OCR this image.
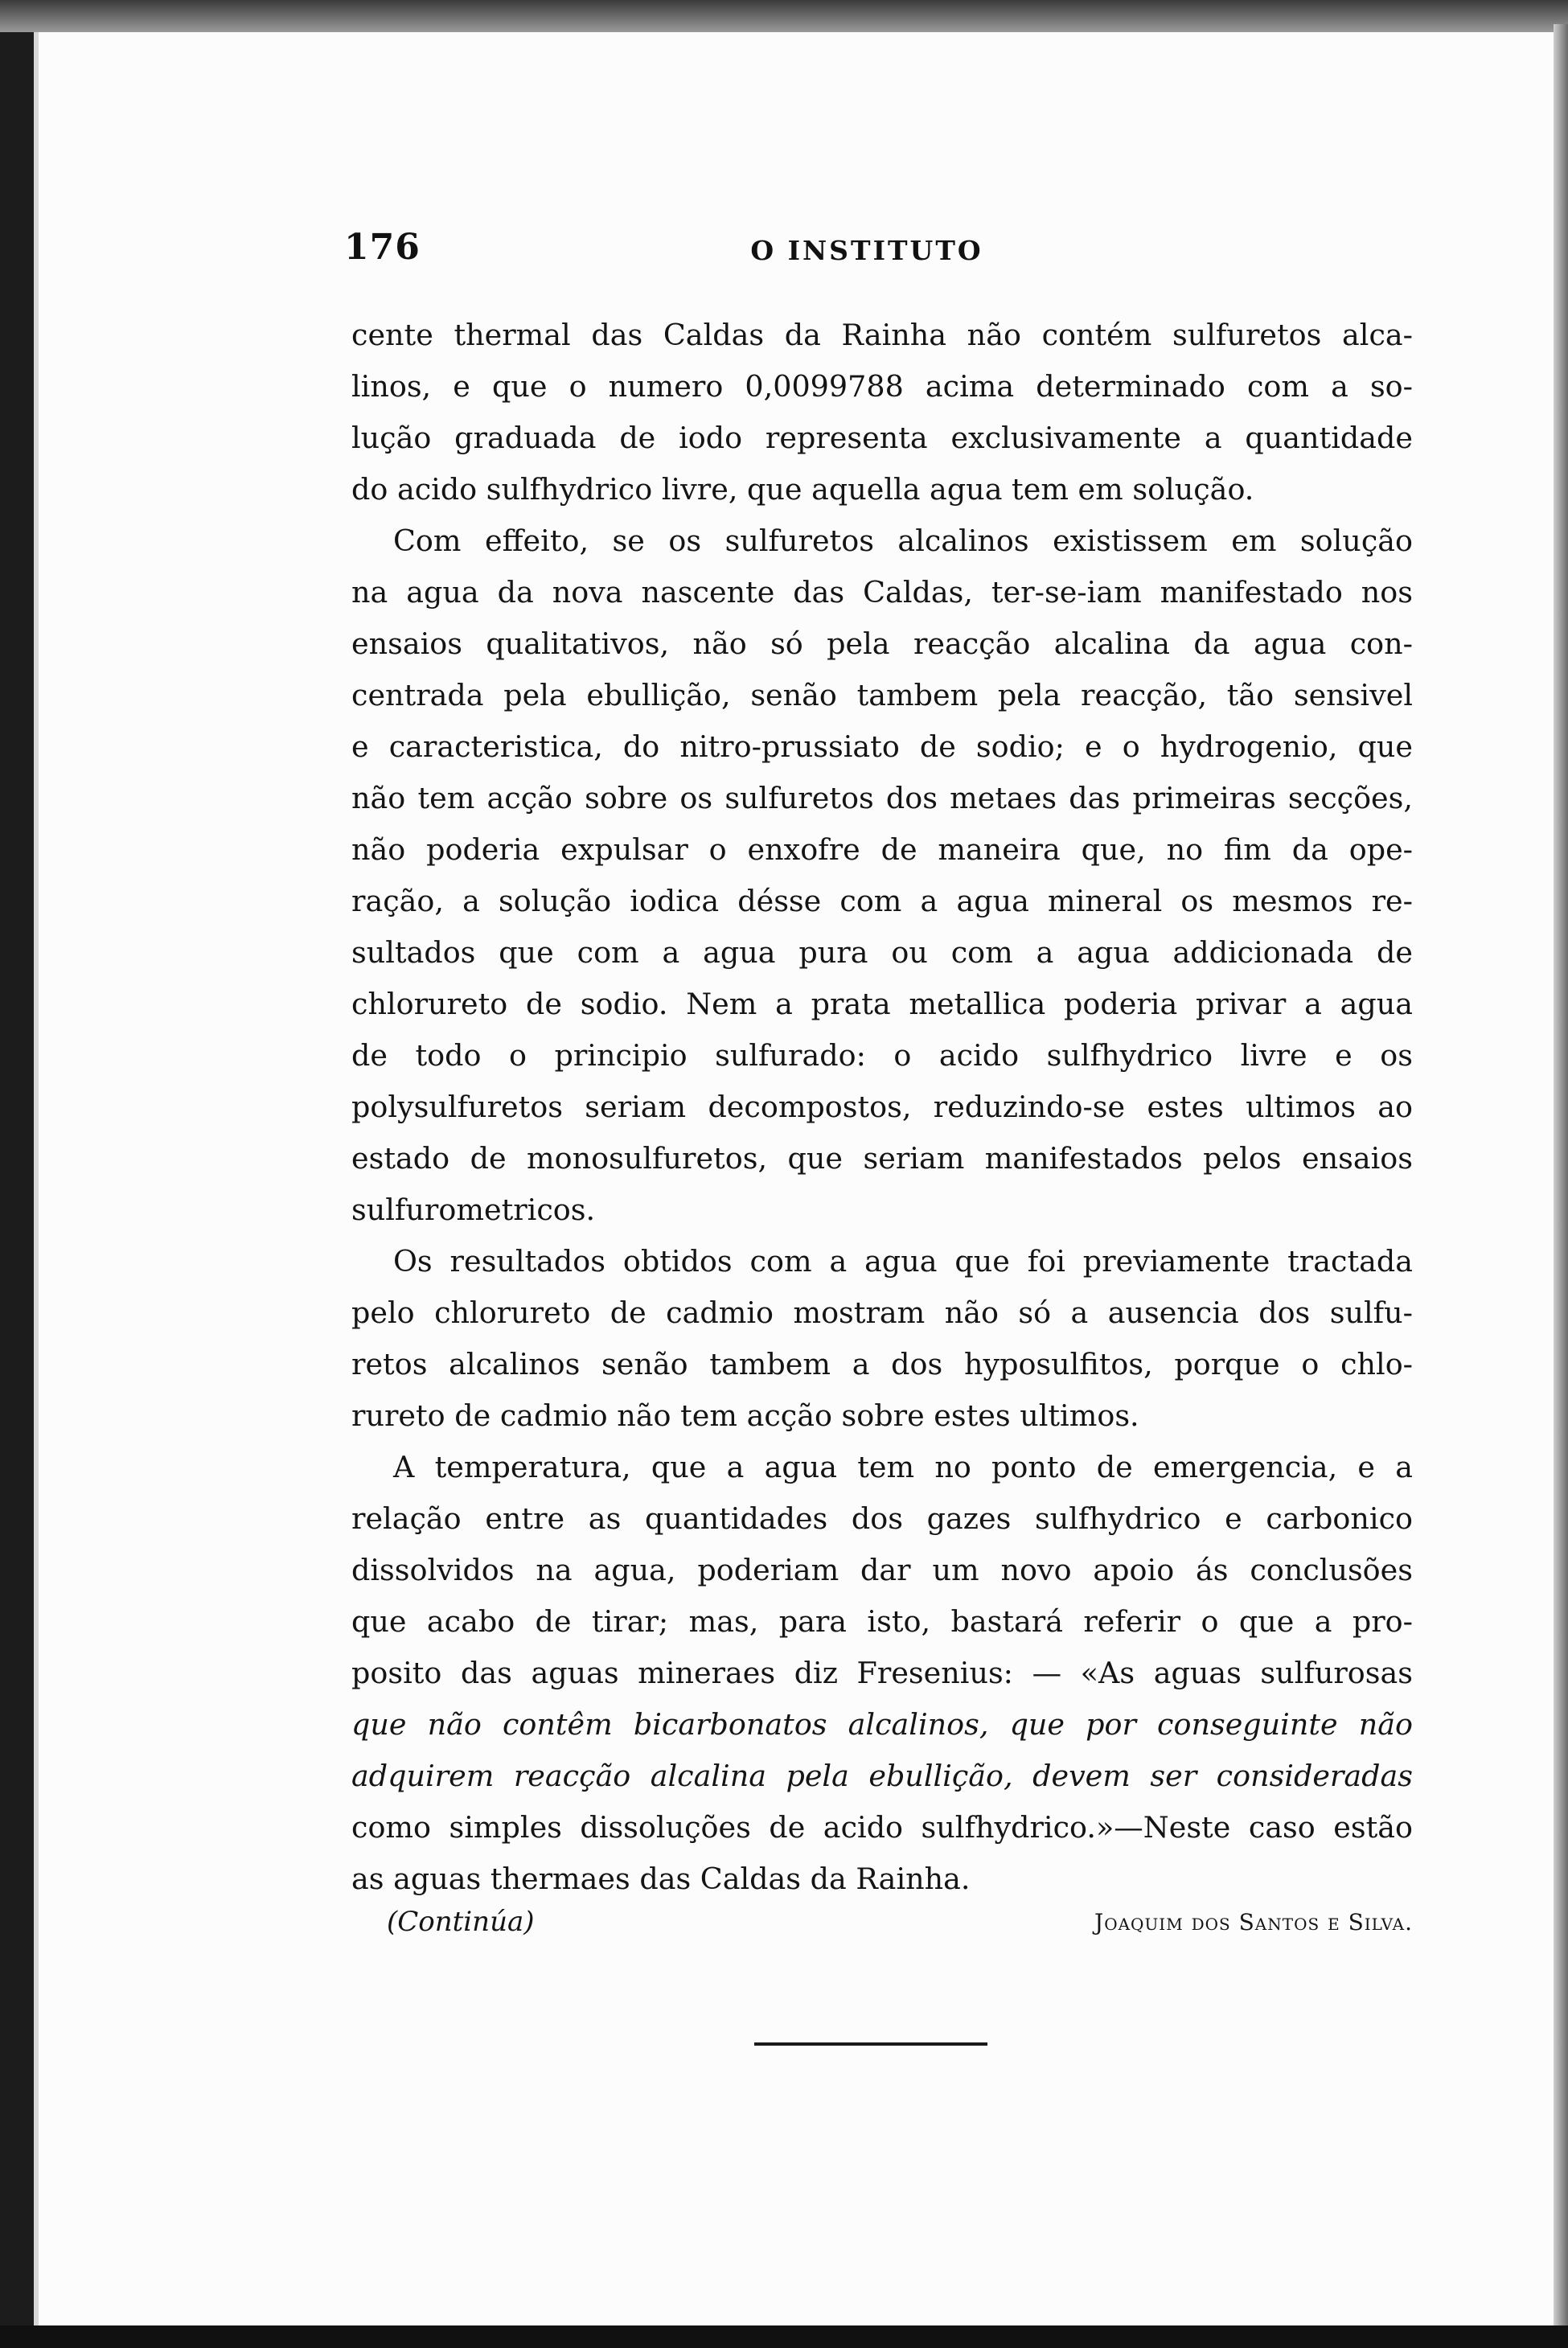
176	O INSTITUTO
cente thermal das Caldas da Rainha não contém sulfuretos alca-
linos, e que o numero 0,0099788 acima determinado com a so-
lução graduada de iodo representa exclusivamente a quantidade
do acido sulfhydrico livre, que aquella agua tem em solução.
Com effeito, se os sulfuretos alcalinos existissem em solução
na agua da nova nascente das Caldas, ter-se-iam manifestado nos
ensaios qualitativos, não só pela reacção alcalina da agua con-
centrada pela ebullição, senão tambem pela reacção, tão sensivel
e caracteristica, do nitro-prussiato de sodio; e o hydrogenio, que
não tem acção sobre os sulfuretos dos metaes das primeiras secções,
não poderia expulsar o enxofre de maneira que, no fim da ope-
ração, a solução iodica désse com a agua mineral os mesmos re-
sultados que com a agua pura ou com a agua addicionada de
chlorureto de sodio. Nem a prata metallica poderia privar a agua
de todo o principio sulfurado: o acido sulfhydrico livre e os
polysulfuretos seriam decompostos, reduzindo-se estes ultimos ao
estado de monosulfuretos, que seriam manifestados pelos ensaios
sulfurometricos.
Os resultados obtidos com a agua que foi previamente tractada
pelo chlorureto de cadmio mostram não só a ausencia dos sulfu-
retos alcalinos senão tambem a dos hyposulfitos, porque o chlo-
rureto de cadmio não tem acção sobre estes ultimos.
A temperatura, que a agua tem no ponto de emergencia, e a
relação entre as quantidades dos gazes sulfhydrico e carbonico
dissolvidos na agua, poderiam dar um novo apoio ás conclusões
que acabo de tirar; mas, para isto, bastará referir o que a pro-
posito das aguas mineraes diz Fresenius: — «As aguas sulfurosas
que não contêm bicarbonatos alcalinos, que por conseguinte não
adquirem reacção alcalina pela ebullição, devem ser consideradas
como simples dissoluções de acido sulfhydrico.»—Neste caso estão
as aguas thermaes das Caldas da Rainha.
(Continúa)	Joaquim dos Santos e Silva.
